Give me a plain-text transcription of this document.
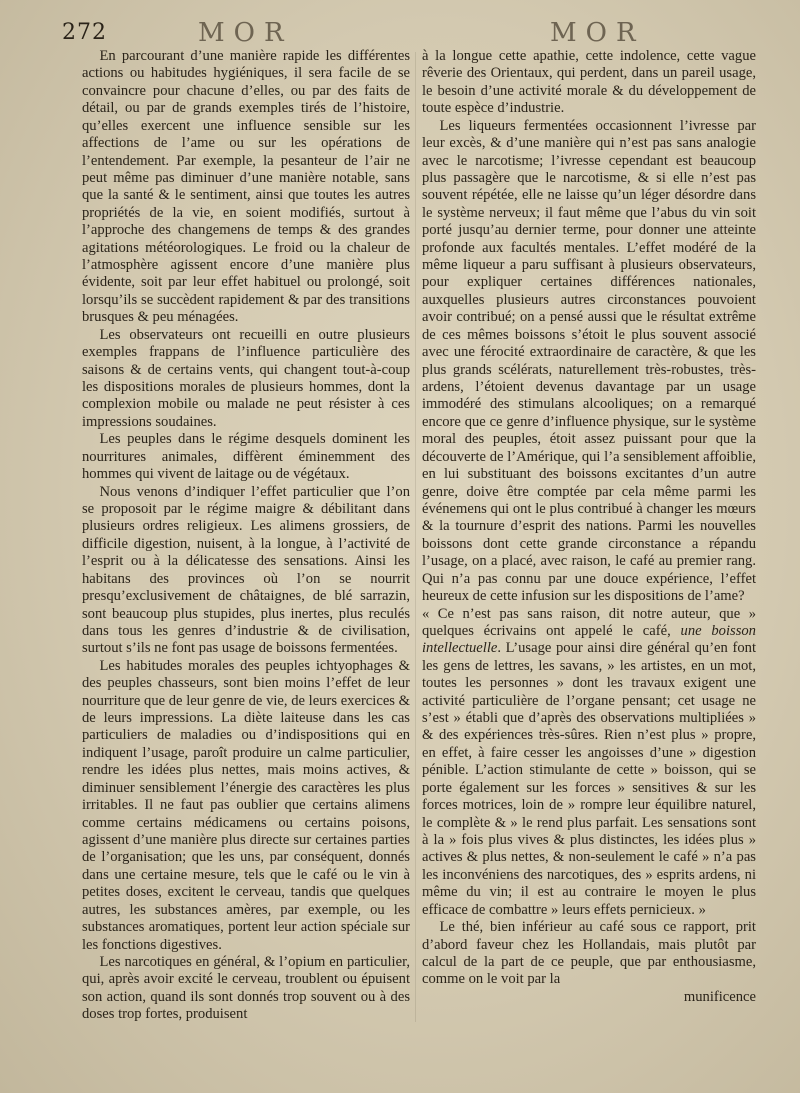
272	MOR	MOR

En parcourant d’une manière rapide les différentes actions ou habitudes hygiéniques, il sera facile de se convaincre pour chacune d’elles, ou par des faits de détail, ou par de grands exemples tirés de l’histoire, qu’elles exercent une influence sensible sur les affections de l’ame ou sur les opérations de l’entendement. Par exemple, la pesanteur de l’air ne peut même pas diminuer d’une manière notable, sans que la santé & le sentiment, ainsi que toutes les autres propriétés de la vie, en soient modifiés, surtout à l’approche des changemens de temps & des grandes agitations météorologiques. Le froid ou la chaleur de l’atmosphère agissent encore d’une manière plus évidente, soit par leur effet habituel ou prolongé, soit lorsqu’ils se succèdent rapidement & par des transitions brusques & peu ménagées.

Les observateurs ont recueilli en outre plusieurs exemples frappans de l’influence particulière des saisons & de certains vents, qui changent tout-à-coup les dispositions morales de plusieurs hommes, dont la complexion mobile ou malade ne peut résister à ces impressions soudaines.

Les peuples dans le régime desquels dominent les nourritures animales, diffèrent éminemment des hommes qui vivent de laitage ou de végétaux.

Nous venons d’indiquer l’effet particulier que l’on se proposoit par le régime maigre & débilitant dans plusieurs ordres religieux. Les alimens grossiers, de difficile digestion, nuisent, à la longue, à l’activité de l’esprit ou à la délicatesse des sensations. Ainsi les habitans des provinces où l’on se nourrit presqu’exclusivement de châtaignes, de blé sarrazin, sont beaucoup plus stupides, plus inertes, plus reculés dans tous les genres d’industrie & de civilisation, surtout s’ils ne font pas usage de boissons fermentées.

Les habitudes morales des peuples ichtyophages & des peuples chasseurs, sont bien moins l’effet de leur nourriture que de leur genre de vie, de leurs exercices & de leurs impressions. La diète laiteuse dans les cas particuliers de maladies ou d’indispositions qui en indiquent l’usage, paroît produire un calme particulier, rendre les idées plus nettes, mais moins actives, & diminuer sensiblement l’énergie des caractères les plus irritables. Il ne faut pas oublier que certains alimens comme certains médicamens ou certains poisons, agissent d’une manière plus directe sur certaines parties de l’organisation; que les uns, par conséquent, donnés dans une certaine mesure, tels que le café ou le vin à petites doses, excitent le cerveau, tandis que quelques autres, les substances amères, par exemple, ou les substances aromatiques, portent leur action spéciale sur les fonctions digestives.

Les narcotiques en général, & l’opium en particulier, qui, après avoir excité le cerveau, troublent ou épuisent son action, quand ils sont donnés trop souvent ou à des doses trop fortes, produisent

à la longue cette apathie, cette indolence, cette vague rêverie des Orientaux, qui perdent, dans un pareil usage, le besoin d’une activité morale & du développement de toute espèce d’industrie.

Les liqueurs fermentées occasionnent l’ivresse par leur excès, & d’une manière qui n’est pas sans analogie avec le narcotisme; l’ivresse cependant est beaucoup plus passagère que le narcotisme, & si elle n’est pas souvent répétée, elle ne laisse qu’un léger désordre dans le système nerveux; il faut même que l’abus du vin soit porté jusqu’au dernier terme, pour donner une atteinte profonde aux facultés mentales. L’effet modéré de la même liqueur a paru suffisant à plusieurs observateurs, pour expliquer certaines différences nationales, auxquelles plusieurs autres circonstances pouvoient avoir contribué; on a pensé aussi que le résultat extrême de ces mêmes boissons s’étoit le plus souvent associé avec une férocité extraordinaire de caractère, & que les plus grands scélérats, naturellement très-robustes, très-ardens, l’étoient devenus davantage par un usage immodéré des stimulans alcooliques; on a remarqué encore que ce genre d’influence physique, sur le système moral des peuples, étoit assez puissant pour que la découverte de l’Amérique, qui l’a sensiblement affoiblie, en lui substituant des boissons excitantes d’un autre genre, doive être comptée par cela même parmi les événemens qui ont le plus contribué à changer les mœurs & la tournure d’esprit des nations. Parmi les nouvelles boissons dont cette grande circonstance a répandu l’usage, on a placé, avec raison, le café au premier rang. Qui n’a pas connu par une douce expérience, l’effet heureux de cette infusion sur les dispositions de l’ame?

« Ce n’est pas sans raison, dit notre auteur, que » quelques écrivains ont appelé le café, une boisson intellectuelle. L’usage pour ainsi dire général qu’en font les gens de lettres, les savans, » les artistes, en un mot, toutes les personnes » dont les travaux exigent une activité particulière de l’organe pensant; cet usage ne s’est » établi que d’après des observations multipliées » & des expériences très-sûres. Rien n’est plus » propre, en effet, à faire cesser les angoisses d’une » digestion pénible. L’action stimulante de cette » boisson, qui se porte également sur les forces » sensitives & sur les forces motrices, loin de » rompre leur équilibre naturel, le complète & » le rend plus parfait. Les sensations sont à la » fois plus vives & plus distinctes, les idées plus » actives & plus nettes, & non-seulement le café » n’a pas les inconvéniens des narcotiques, des » esprits ardens, ni même du vin; il est au contraire le moyen le plus efficace de combattre » leurs effets pernicieux. »

Le thé, bien inférieur au café sous ce rapport, prit d’abord faveur chez les Hollandais, mais plutôt par calcul de la part de ce peuple, que par enthousiasme, comme on le voit par la

munificence
